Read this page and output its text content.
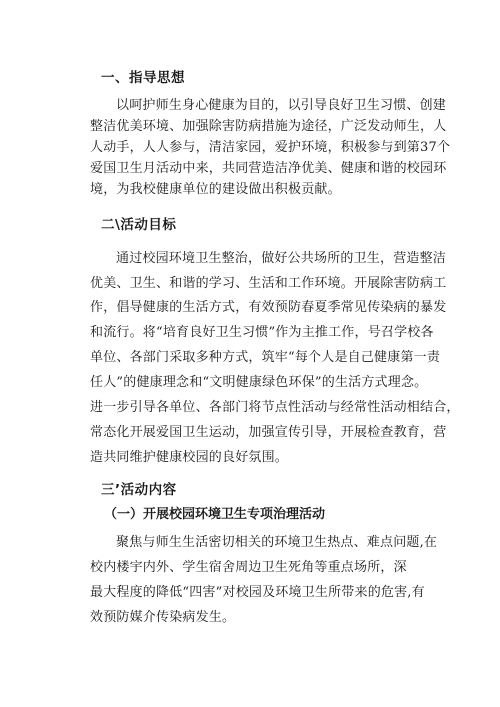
一、指导思想
以呵护师生身心健康为目的，以引导良好卫生习惯、创建
整洁优美环境、加强除害防病措施为途径，广泛发动师生，人
人动手，人人参与，清洁家园，爱护环境，积极参与到第37个
爱国卫生月活动中来，共同营造洁净优美、健康和谐的校园环
境，为我校健康单位的建设做出积极贡献。
二\活动目标
通过校园环境卫生整治，做好公共场所的卫生，营造整洁
优美、卫生、和谐的学习、生活和工作环境。开展除害防病工
作，倡导健康的生活方式，有效预防春夏季常见传染病的暴发
和流行。将“培育良好卫生习惯”作为主推工作，号召学校各
单位、各部门采取多种方式，筑牢“每个人是自己健康第一责
任人”的健康理念和“文明健康绿色环保”的生活方式理念。
进一步引导各单位、各部门将节点性活动与经常性活动相结合，
常态化开展爱国卫生运动，加强宣传引导，开展检查教育，营
造共同维护健康校园的良好氛围。
三’活动内容
（一）开展校园环境卫生专项治理活动
聚焦与师生生活密切相关的环境卫生热点、难点问题,在
校内楼宇内外、学生宿舍周边卫生死角等重点场所，深
最大程度的降低“四害”对校园及环境卫生所带来的危害,有
效预防媒介传染病发生。
